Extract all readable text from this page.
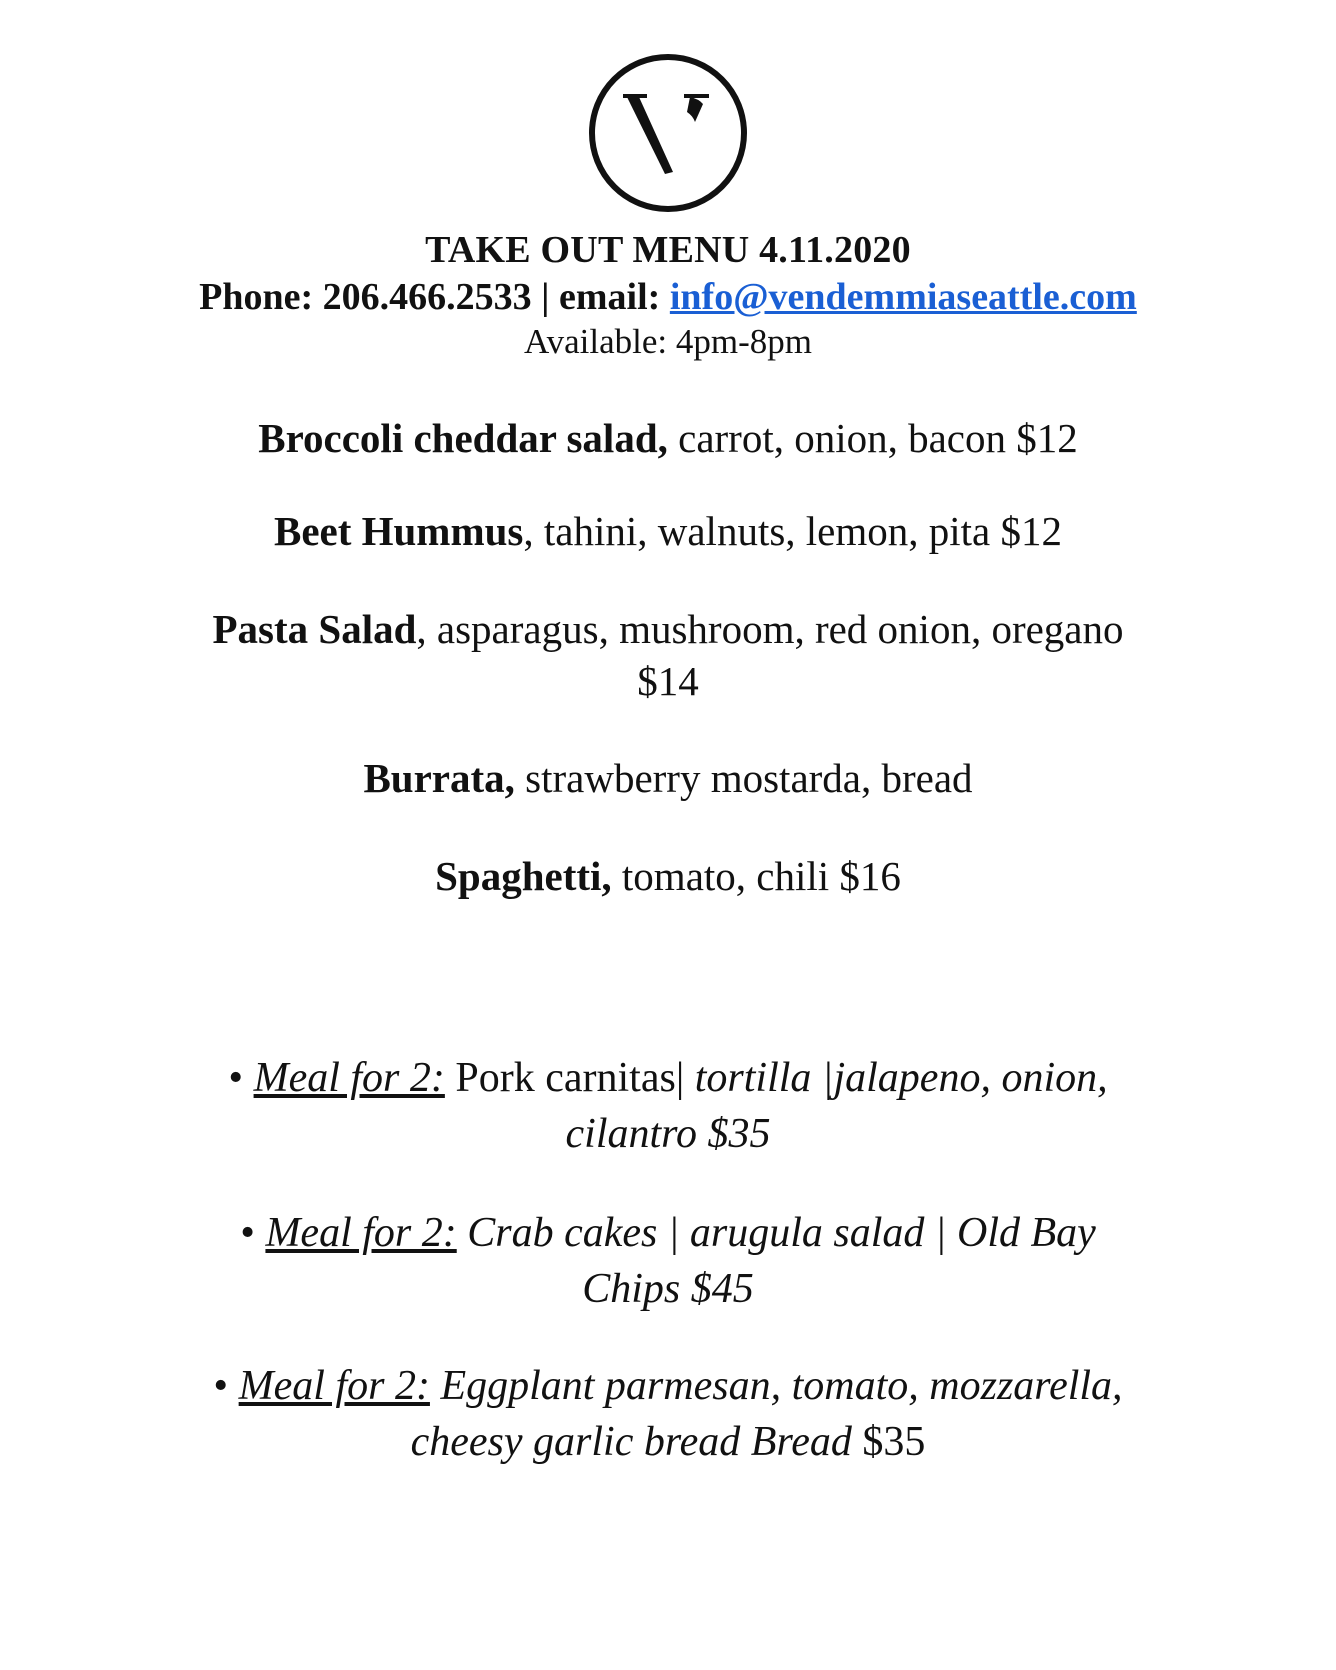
TAKE OUT MENU 4.11.2020
Phone: 206.466.2533 | email: info@vendemmiaseattle.com
Available: 4pm-8pm
Broccoli cheddar salad, carrot, onion, bacon $12
Beet Hummus, tahini, walnuts, lemon, pita $12
Pasta Salad, asparagus, mushroom, red onion, oregano
$14
Burrata, strawberry mostarda, bread
Spaghetti, tomato, chili $16
• Meal for 2: Pork carnitas| tortilla |jalapeno, onion,
cilantro $35
• Meal for 2: Crab cakes | arugula salad | Old Bay
Chips $45
• Meal for 2: Eggplant parmesan, tomato, mozzarella,
cheesy garlic bread Bread $35
